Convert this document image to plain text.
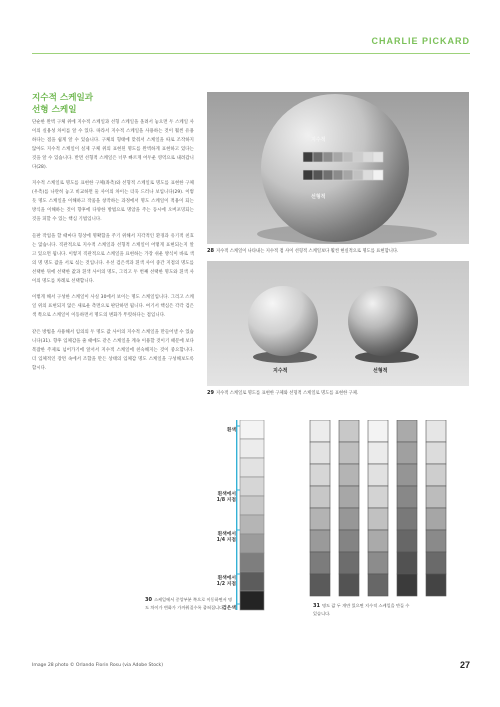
CHARLIE PICKARD
지수적 스케일과
선형 스케일

단순한 완벽 구체 위에 지수적 스케일과 선형 스케일을 올려서 놓으면 두 스케일 사이의 실용성 차이를 알 수 있다. 따라서 지수적 스케일을 사용하는 것이 훨씬 유용하다는 점을 쉽게 알 수 있습니다. 구체의 형태에 맞춰서 스케일을 따로 조작하지 않아도 지수적 스케일이 실제 구체 위의 표현된 명도를 완벽하게 표현하고 있다는 것을 알 수 있습니다. 반면 선형적 스케일은 너무 빠르게 어두운 영역으로 내려갑니다(28).

지수적 스케일로 명도를 표현한 구체(좌측)와 선형적 스케일로 명도를 표현한 구체(우측)를 나란히 놓고 비교하면 둘 사이의 차이는 더욱 드러나 보입니다(29). 이렇듯 명도 스케일을 이해하고 작품을 창작하는 과정에서 명도 스케일이 적용이 되는 방식을 이해하는 것이 향후에 다양한 방법으로 명암을 주는 동시에 오버포밍되는 것을 피할 수 있는 핵심 기법입니다.

들판 작업을 할 때마다 형상에 명확함을 주기 위해서 지각적인 환경과 유기적 친효는 않습니다. 직관적으로 지수적 스케일과 선형적 스케일이 어떻게 표현되는지 알고 있으면 됩니다. 이렇지 직관적으로 스케일을 표현하는 가장 쉬운 방식이 바로 색의 명 명도 값을 서로 섞는 것입니다. 우선 검은색과 흰색 사이 중간 지점의 명도를 선택한 뒤에 선택한 값과 흰색 사이의 명도, 그리고 두 번째 선택한 명도와 흰색 사이의 명도를 차례로 선택합니다.

이렇게 해서 구성한 스케일이 사실 30에서 보이는 명도 스케일입니다. 그리고 스케일 위의 표현되지 않은 새로운 측면으로 판단하면 됩니다. 여기서 핵심은 각각 검은색 쪽으로 스케일이 이동하면서 명도의 변화가 뚜렷하다는 점입니다.

같은 방법을 사용해서 임의의 두 명도 값 사이의 지수적 스케일을 만들어낼 수 있습니다(31). 향후 입체감을 줄 때에도 같은 스케일을 계속 이용할 것이기 때문에 보다 복잡한 주제로 넘어가기에 앞서서 지수적 스케일에 친숙해지는 것이 중요합니다. 더 입체적인 장면 속에서 조합을 만든 상태의 입체감 명도 스케일을 구성해보도록 합시다.

지수적
선형적
28 지수적 스케일이 나타내는 지수적 점 사이 선형적 스케일보다 훨씬 현실적으로 명도를 표현합니다.
지수적	선형적
29 지수적 스케일로 명도를 표현한 구체와 선형적 스케일로 명도를 표현한 구체.
흰색
흰색에서
1/8 지점
흰색에서
1/4 지점
흰색에서
1/2 지점
검은색
30 스케일에서 중앙부분 쪽으로 이동하면서 명도 차이가 변화가 가까워질수록 좁혀집니다.	31 명도 값 두 개만 있으면 지수적 스케일을 만들 수 있습니다.
Image 28 photo © Orlando Florin Rosu (via Adobe Stock)	27
